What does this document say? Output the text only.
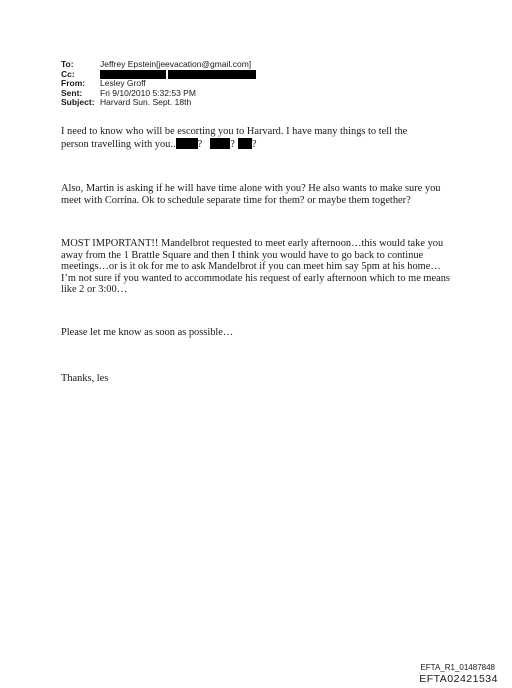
To:	Jeffrey Epstein[jeevacation@gmail.com]
Cc:
From:	Lesley Groff
Sent:	Fri 9/10/2010 5:32:53 PM
Subject: Harvard Sun. Sept. 18th

I need to know who will be escorting you to Harvard. I have many things to tell the person travelling with you.. ?	? ?

Also, Martin is asking if he will have time alone with you? He also wants to make sure you meet with Corrina. Ok to schedule separate time for them? or maybe them together?

MOST IMPORTANT!! Mandelbrot requested to meet early afternoon…this would take you away from the 1 Brattle Square and then I think you would have to go back to continue meetings…or is it ok for me to ask Mandelbrot if you can meet him say 5pm at his home…I’m not sure if you wanted to accommodate his request of early afternoon which to me means like 2 or 3:00…

Please let me know as soon as possible…

Thanks, les

EFTA_R1_01487848
EFTA02421534
